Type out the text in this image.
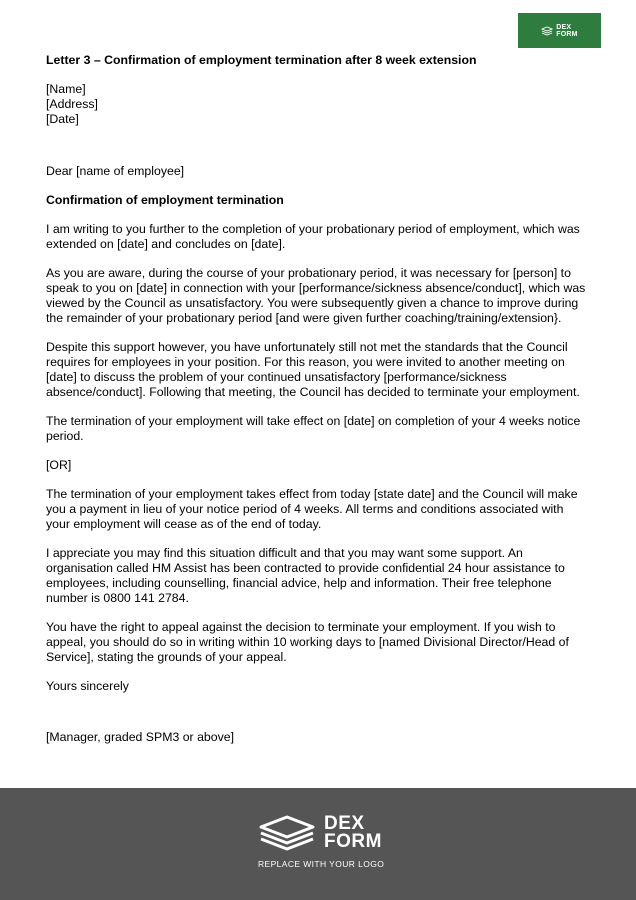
DEX
FORM

Letter 3 – Confirmation of employment termination after 8 week extension

[Name]

[Address]

[Date]

Dear [name of employee]

Confirmation of employment termination

I am writing to you further to the completion of your probationary period of employment, which was extended on [date] and concludes on [date].

As you are aware, during the course of your probationary period, it was necessary for [person] to speak to you on [date] in connection with your [performance/sickness absence/conduct], which was viewed by the Council as unsatisfactory. You were subsequently given a chance to improve during the remainder of your probationary period [and were given further coaching/training/extension}.

Despite this support however, you have unfortunately still not met the standards that the Council requires for employees in your position. For this reason, you were invited to another meeting on [date] to discuss the problem of your continued unsatisfactory [performance/sickness absence/conduct]. Following that meeting, the Council has decided to terminate your employment.

The termination of your employment will take effect on [date] on completion of your 4 weeks notice period.

[OR]

The termination of your employment takes effect from today [state date] and the Council will make you a payment in lieu of your notice period of 4 weeks. All terms and conditions associated with your employment will cease as of the end of today.

I appreciate you may find this situation difficult and that you may want some support. An organisation called HM Assist has been contracted to provide confidential 24 hour assistance to employees, including counselling, financial advice, help and information. Their free telephone number is 0800 141 2784.

You have the right to appeal against the decision to terminate your employment. If you wish to appeal, you should do so in writing within 10 working days to [named Divisional Director/Head of Service], stating the grounds of your appeal.

Yours sincerely

[Manager, graded SPM3 or above]

DEX
FORM
REPLACE WITH YOUR LOGO
